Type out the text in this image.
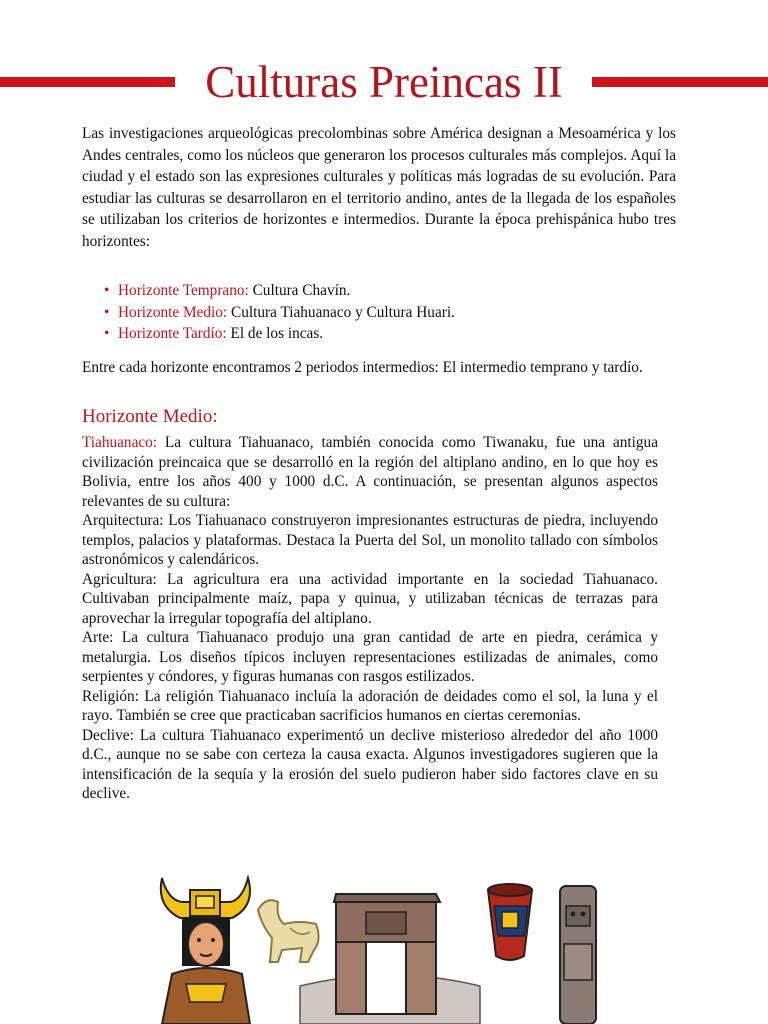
Culturas Preincas II

Las investigaciones arqueológicas precolombinas sobre América designan a Mesoamérica y los Andes centrales, como los núcleos que generaron los procesos culturales más complejos. Aquí la ciudad y el estado son las expresiones culturales y políticas más logradas de su evolución. Para estudiar las culturas se desarrollaron en el territorio andino, antes de la llegada de los españoles se utilizaban los criterios de horizontes e intermedios. Durante la época prehispánica hubo tres horizontes:

• Horizonte Temprano: Cultura Chavín.
• Horizonte Medio: Cultura Tiahuanaco y Cultura Huari.
• Horizonte Tardío: El de los incas.

Entre cada horizonte encontramos 2 periodos intermedios: El intermedio temprano y tardío.

Horizonte Medio:

Tiahuanaco: La cultura Tiahuanaco, también conocida como Tiwanaku, fue una antigua civilización preincaica que se desarrolló en la región del altiplano andino, en lo que hoy es Bolivia, entre los años 400 y 1000 d.C. A continuación, se presentan algunos aspectos relevantes de su cultura:

Arquitectura: Los Tiahuanaco construyeron impresionantes estructuras de piedra, incluyendo templos, palacios y plataformas. Destaca la Puerta del Sol, un monolito tallado con símbolos astronómicos y calendáricos.

Agricultura: La agricultura era una actividad importante en la sociedad Tiahuanaco. Cultivaban principalmente maíz, papa y quinua, y utilizaban técnicas de terrazas para aprovechar la irregular topografía del altiplano.

Arte: La cultura Tiahuanaco produjo una gran cantidad de arte en piedra, cerámica y metalurgia. Los diseños típicos incluyen representaciones estilizadas de animales, como serpientes y cóndores, y figuras humanas con rasgos estilizados.

Religión: La religión Tiahuanaco incluía la adoración de deidades como el sol, la luna y el rayo. También se cree que practicaban sacrificios humanos en ciertas ceremonias.

Declive: La cultura Tiahuanaco experimentó un declive misterioso alrededor del año 1000 d.C., aunque no se sabe con certeza la causa exacta. Algunos investigadores sugieren que la intensificación de la sequía y la erosión del suelo pudieron haber sido factores clave en su declive.
